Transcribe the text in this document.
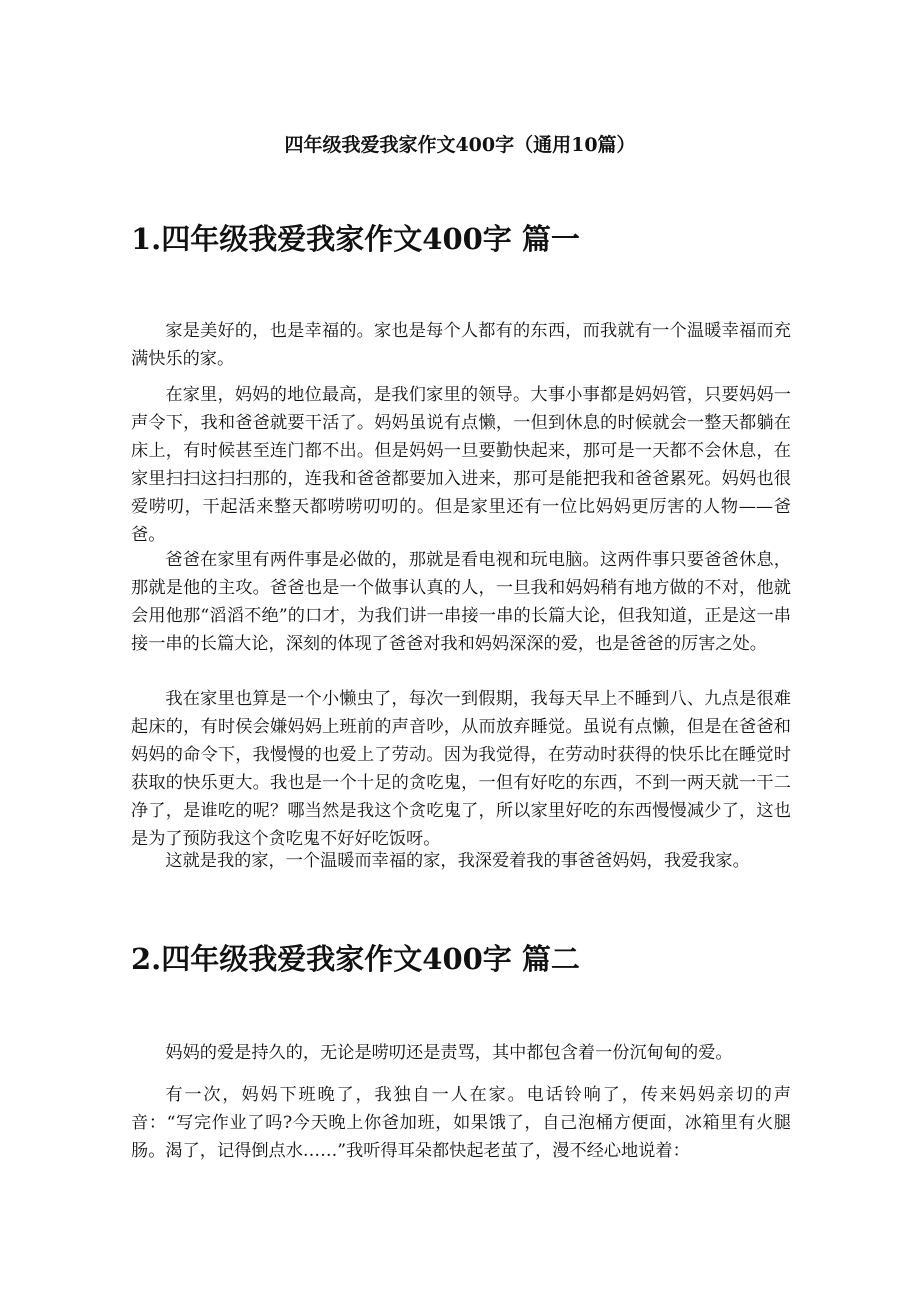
四年级我爱我家作文400字（通用10篇）
1.四年级我爱我家作文400字 篇一

家是美好的，也是幸福的。家也是每个人都有的东西，而我就有一个温暖幸福而充满快乐的家。

在家里，妈妈的地位最高，是我们家里的领导。大事小事都是妈妈管，只要妈妈一声令下，我和爸爸就要干活了。妈妈虽说有点懒，一但到休息的时候就会一整天都躺在床上，有时候甚至连门都不出。但是妈妈一旦要勤快起来，那可是一天都不会休息，在家里扫扫这扫扫那的，连我和爸爸都要加入进来，那可是能把我和爸爸累死。妈妈也很爱唠叨，干起活来整天都唠唠叨叨的。但是家里还有一位比妈妈更厉害的人物——爸爸。

爸爸在家里有两件事是必做的，那就是看电视和玩电脑。这两件事只要爸爸休息，那就是他的主攻。爸爸也是一个做事认真的人，一旦我和妈妈稍有地方做的不对，他就会用他那“滔滔不绝”的口才，为我们讲一串接一串的长篇大论，但我知道，正是这一串接一串的长篇大论，深刻的体现了爸爸对我和妈妈深深的爱，也是爸爸的厉害之处。

我在家里也算是一个小懒虫了，每次一到假期，我每天早上不睡到八、九点是很难起床的，有时侯会嫌妈妈上班前的声音吵，从而放弃睡觉。虽说有点懒，但是在爸爸和妈妈的命令下，我慢慢的也爱上了劳动。因为我觉得，在劳动时获得的快乐比在睡觉时获取的快乐更大。我也是一个十足的贪吃鬼，一但有好吃的东西，不到一两天就一干二净了，是谁吃的呢？哪当然是我这个贪吃鬼了，所以家里好吃的东西慢慢减少了，这也是为了预防我这个贪吃鬼不好好吃饭呀。

这就是我的家，一个温暖而幸福的家，我深爱着我的事爸爸妈妈，我爱我家。

2.四年级我爱我家作文400字 篇二

妈妈的爱是持久的，无论是唠叨还是责骂，其中都包含着一份沉甸甸的爱。

有一次，妈妈下班晚了，我独自一人在家。电话铃响了，传来妈妈亲切的声音：“写完作业了吗?今天晚上你爸加班，如果饿了，自己泡桶方便面，冰箱里有火腿肠。渴了，记得倒点水……”我听得耳朵都快起老茧了，漫不经心地说着：
